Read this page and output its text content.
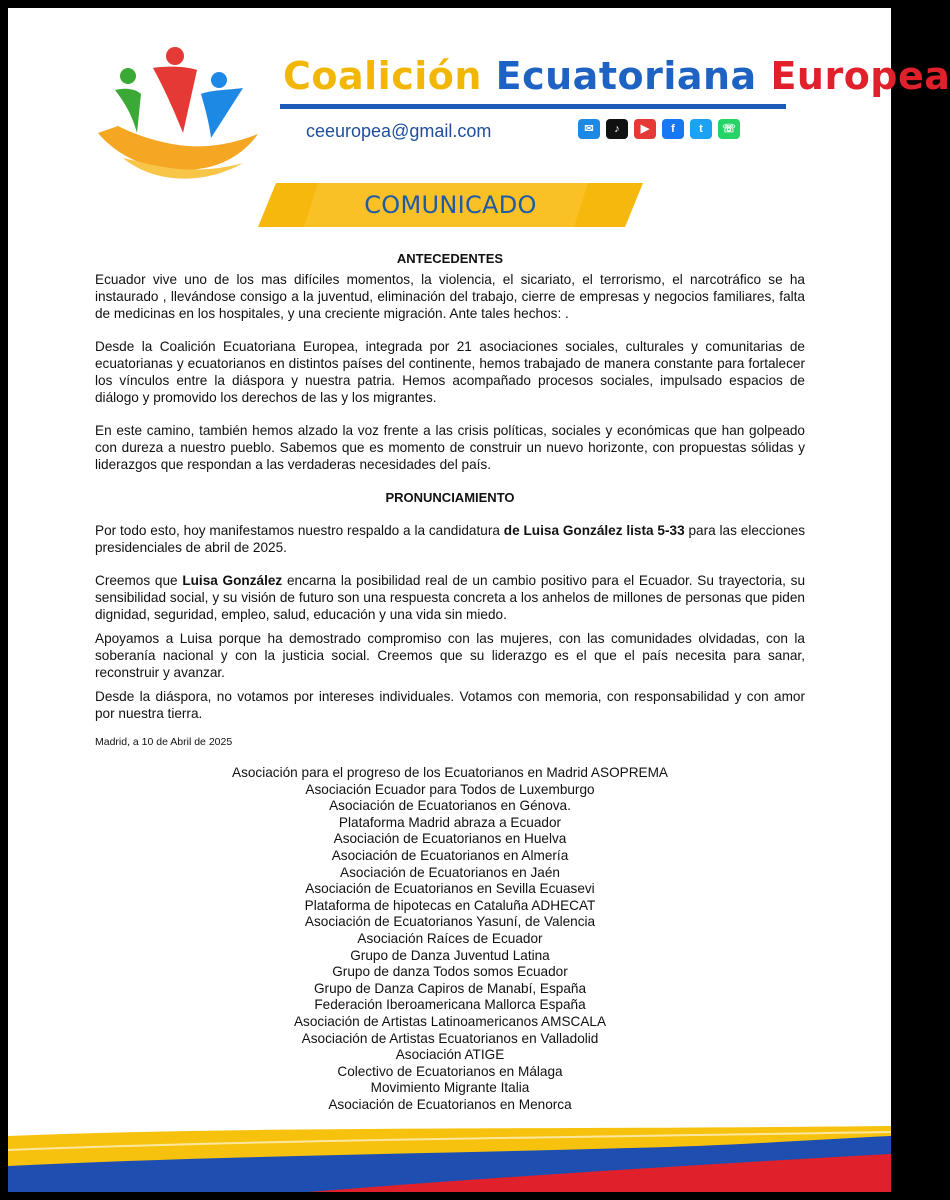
Coalición Ecuatoriana Europea
ceeuropea@gmail.com	✉	♪	▶	f	t	☏
COMUNICADO

ANTECEDENTES

Ecuador vive uno de los mas difíciles momentos, la violencia, el sicariato, el terrorismo, el narcotráfico se ha instaurado , llevándose consigo a la juventud, eliminación del trabajo, cierre de empresas y negocios familiares, falta de medicinas en los hospitales, y una creciente migración. Ante tales hechos: .

Desde la Coalición Ecuatoriana Europea, integrada por 21 asociaciones sociales, culturales y comunitarias de ecuatorianas y ecuatorianos en distintos países del continente, hemos trabajado de manera constante para fortalecer los vínculos entre la diáspora y nuestra patria. Hemos acompañado procesos sociales, impulsado espacios de diálogo y promovido los derechos de las y los migrantes.

En este camino, también hemos alzado la voz frente a las crisis políticas, sociales y económicas que han golpeado con dureza a nuestro pueblo. Sabemos que es momento de construir un nuevo horizonte, con propuestas sólidas y liderazgos que respondan a las verdaderas necesidades del país.

PRONUNCIAMIENTO

Por todo esto, hoy manifestamos nuestro respaldo a la candidatura de Luisa González lista 5-33 para las elecciones presidenciales de abril de 2025.

Creemos que Luisa González encarna la posibilidad real de un cambio positivo para el Ecuador. Su trayectoria, su sensibilidad social, y su visión de futuro son una respuesta concreta a los anhelos de millones de personas que piden dignidad, seguridad, empleo, salud, educación y una vida sin miedo.

Apoyamos a Luisa porque ha demostrado compromiso con las mujeres, con las comunidades olvidadas, con la soberanía nacional y con la justicia social. Creemos que su liderazgo es el que el país necesita para sanar, reconstruir y avanzar.

Desde la diáspora, no votamos por intereses individuales. Votamos con memoria, con responsabilidad y con amor por nuestra tierra.

Madrid, a 10 de Abril de 2025

Asociación para el progreso de los Ecuatorianos en Madrid ASOPREMA
Asociación Ecuador para Todos de Luxemburgo
Asociación de Ecuatorianos en Génova.
Plataforma Madrid abraza a Ecuador
Asociación de Ecuatorianos en Huelva
Asociación de Ecuatorianos en Almería
Asociación de Ecuatorianos en Jaén
Asociación de Ecuatorianos en Sevilla Ecuasevi
Plataforma de hipotecas en Cataluña ADHECAT
Asociación de Ecuatorianos Yasuní, de Valencia
Asociación Raíces de Ecuador
Grupo de Danza Juventud Latina
Grupo de danza Todos somos Ecuador
Grupo de Danza Capiros de Manabí, España
Federación Iberoamericana Mallorca España
Asociación de Artistas Latinoamericanos AMSCALA
Asociación de Artistas Ecuatorianos en Valladolid
Asociación ATIGE
Colectivo de Ecuatorianos en Málaga
Movimiento Migrante Italia
Asociación de Ecuatorianos en Menorca
